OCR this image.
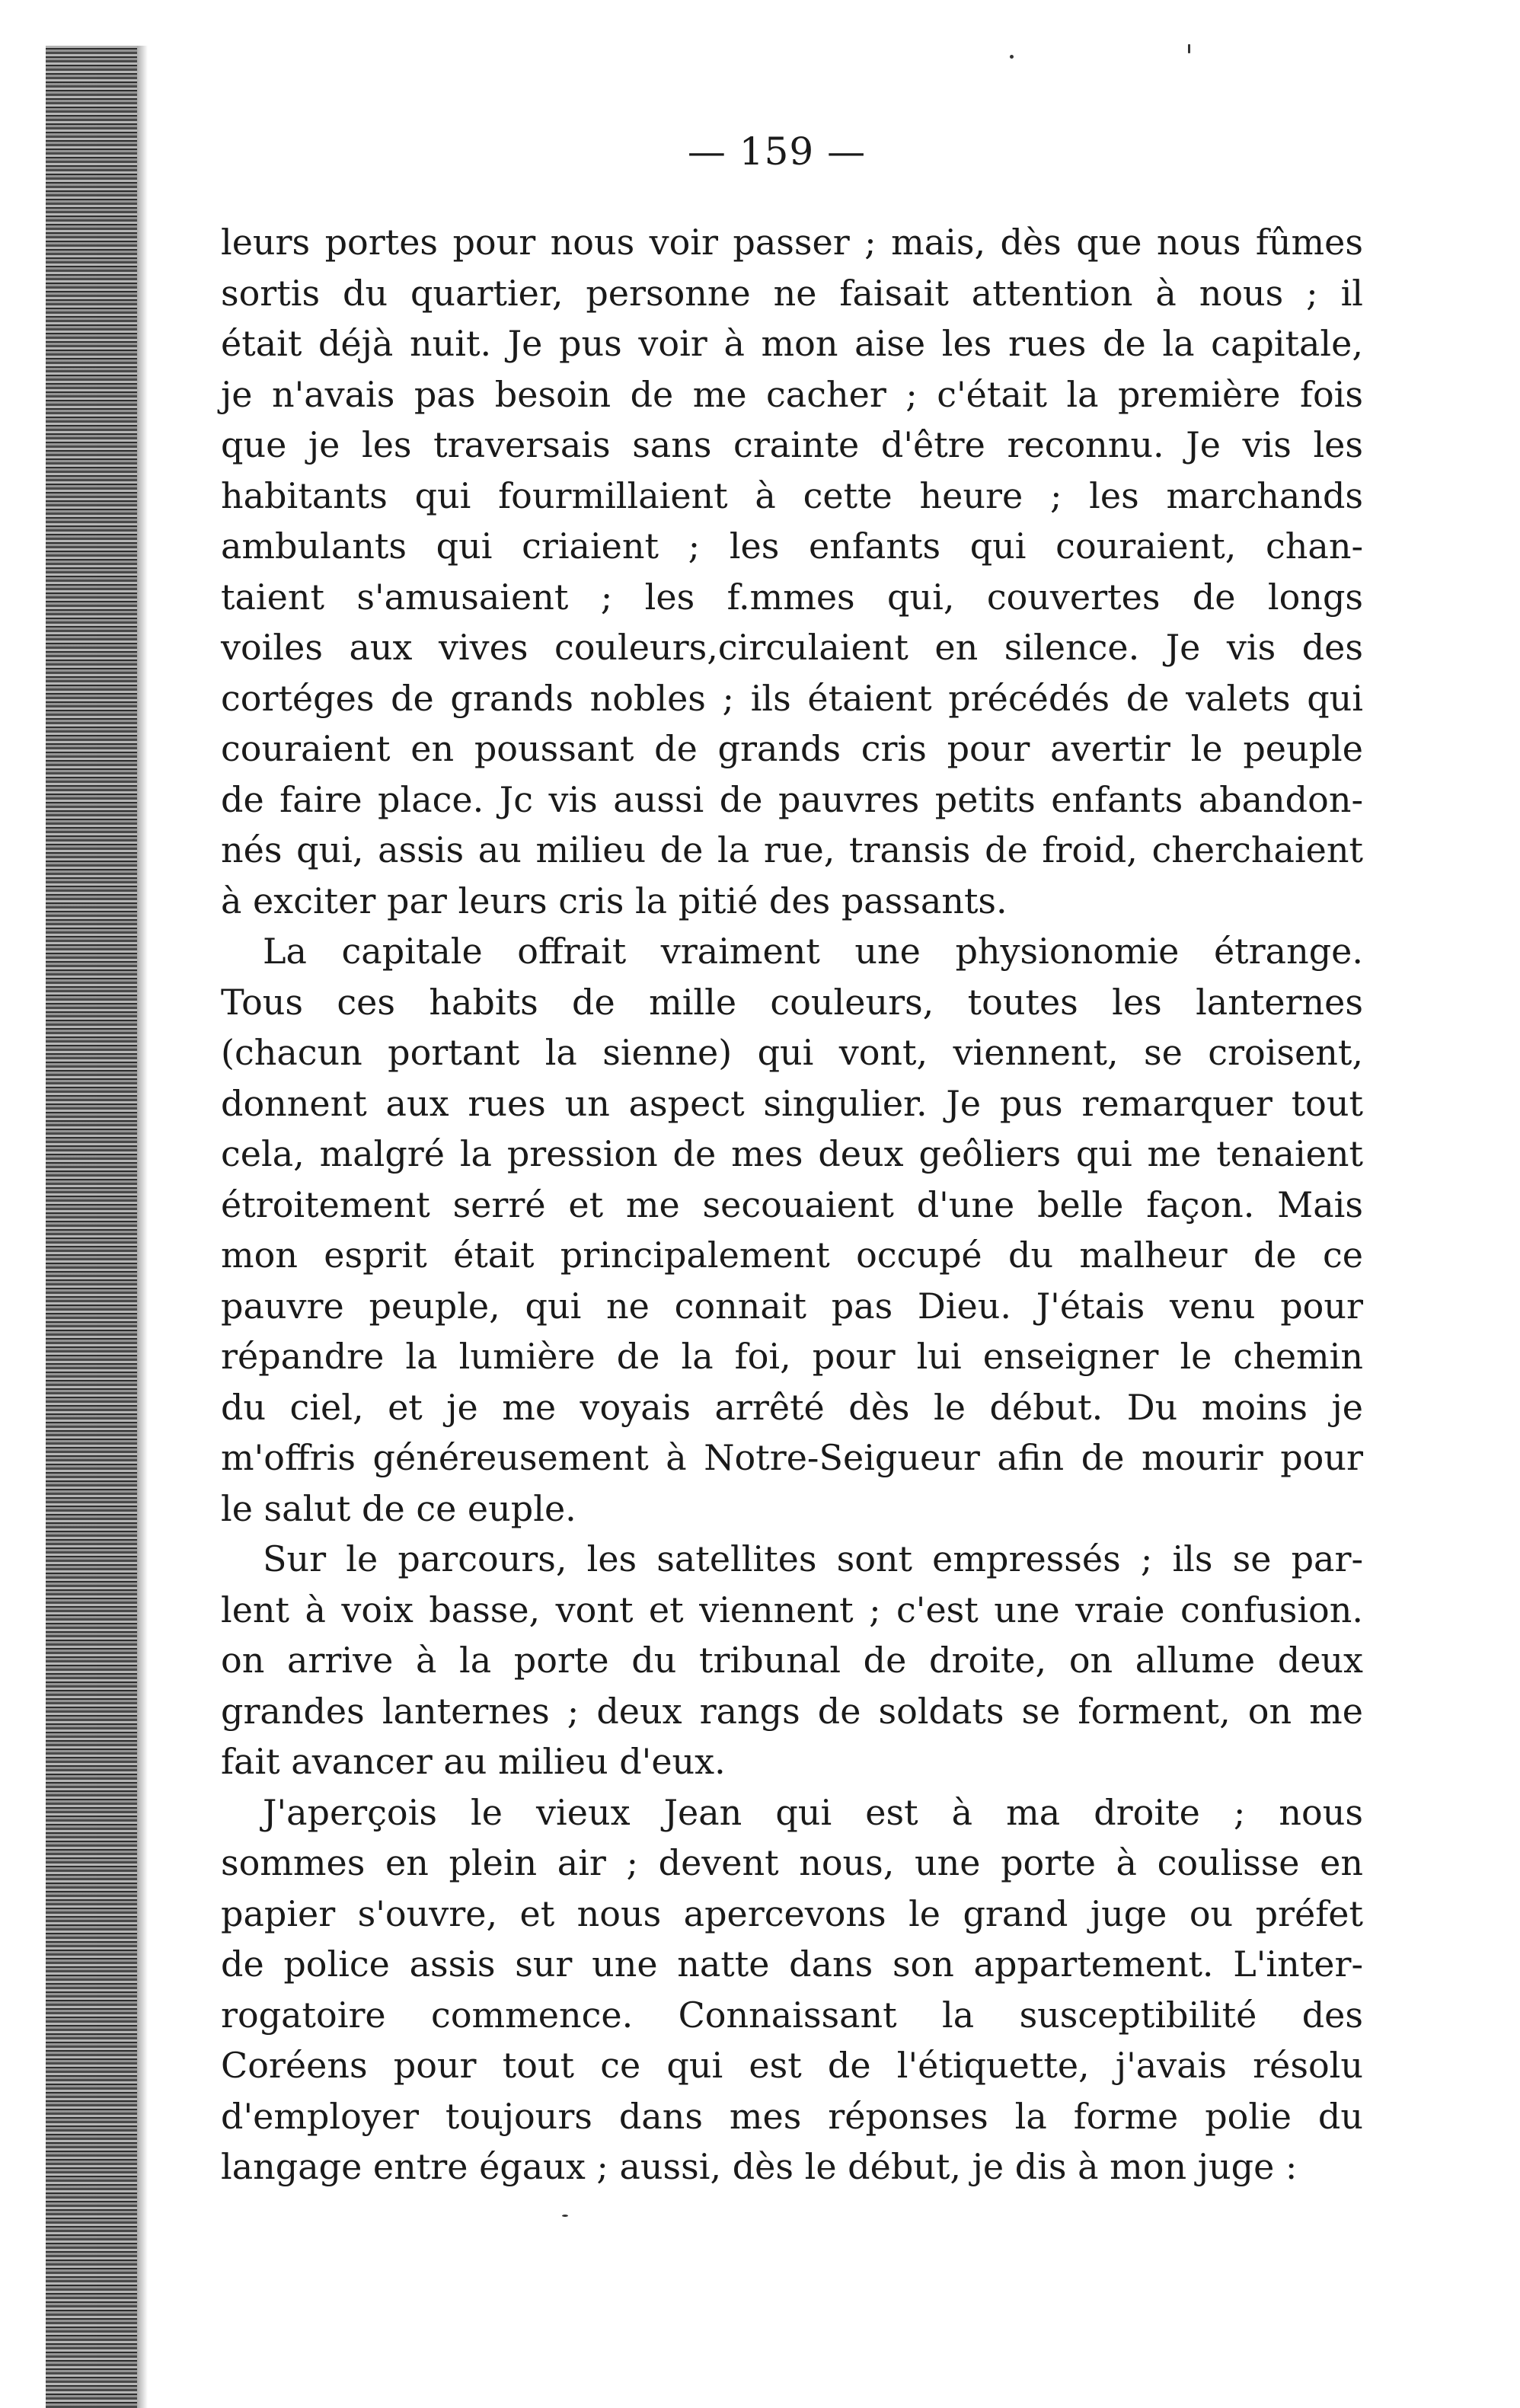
— 159 —
leurs portes pour nous voir passer ; mais, dès que nous fûmes
sortis du quartier, personne ne faisait attention à nous ; il
était déjà nuit. Je pus voir à mon aise les rues de la capitale,
je n'avais pas besoin de me cacher ; c'était la première fois
que je les traversais sans crainte d'être reconnu. Je vis les
habitants qui fourmillaient à cette heure ; les marchands
ambulants qui criaient ; les enfants qui couraient, chan-
taient s'amusaient ; les f.mmes qui, couvertes de longs
voiles aux vives couleurs,circulaient en silence. Je vis des
cortéges de grands nobles ; ils étaient précédés de valets qui
couraient en poussant de grands cris pour avertir le peuple
de faire place. Jc vis aussi de pauvres petits enfants abandon-
nés qui, assis au milieu de la rue, transis de froid, cherchaient
à exciter par leurs cris la pitié des passants.
La capitale offrait vraiment une physionomie étrange.
Tous ces habits de mille couleurs, toutes les lanternes
(chacun portant la sienne) qui vont, viennent, se croisent,
donnent aux rues un aspect singulier. Je pus remarquer tout
cela, malgré la pression de mes deux geôliers qui me tenaient
étroitement serré et me secouaient d'une belle façon. Mais
mon esprit était principalement occupé du malheur de ce
pauvre peuple, qui ne connait pas Dieu. J'étais venu pour
répandre la lumière de la foi, pour lui enseigner le chemin
du ciel, et je me voyais arrêté dès le début. Du moins je
m'offris généreusement à Notre-Seigueur afin de mourir pour
le salut de ce euple.
Sur le parcours, les satellites sont empressés ; ils se par-
lent à voix basse, vont et viennent ; c'est une vraie confusion.
on arrive à la porte du tribunal de droite, on allume deux
grandes lanternes ; deux rangs de soldats se forment, on me
fait avancer au milieu d'eux.
J'aperçois le vieux Jean qui est à ma droite ; nous
sommes en plein air ; devent nous, une porte à coulisse en
papier s'ouvre, et nous apercevons le grand juge ou préfet
de police assis sur une natte dans son appartement. L'inter-
rogatoire commence. Connaissant la susceptibilité des
Coréens pour tout ce qui est de l'étiquette, j'avais résolu
d'employer toujours dans mes réponses la forme polie du
langage entre égaux ; aussi, dès le début, je dis à mon juge :
